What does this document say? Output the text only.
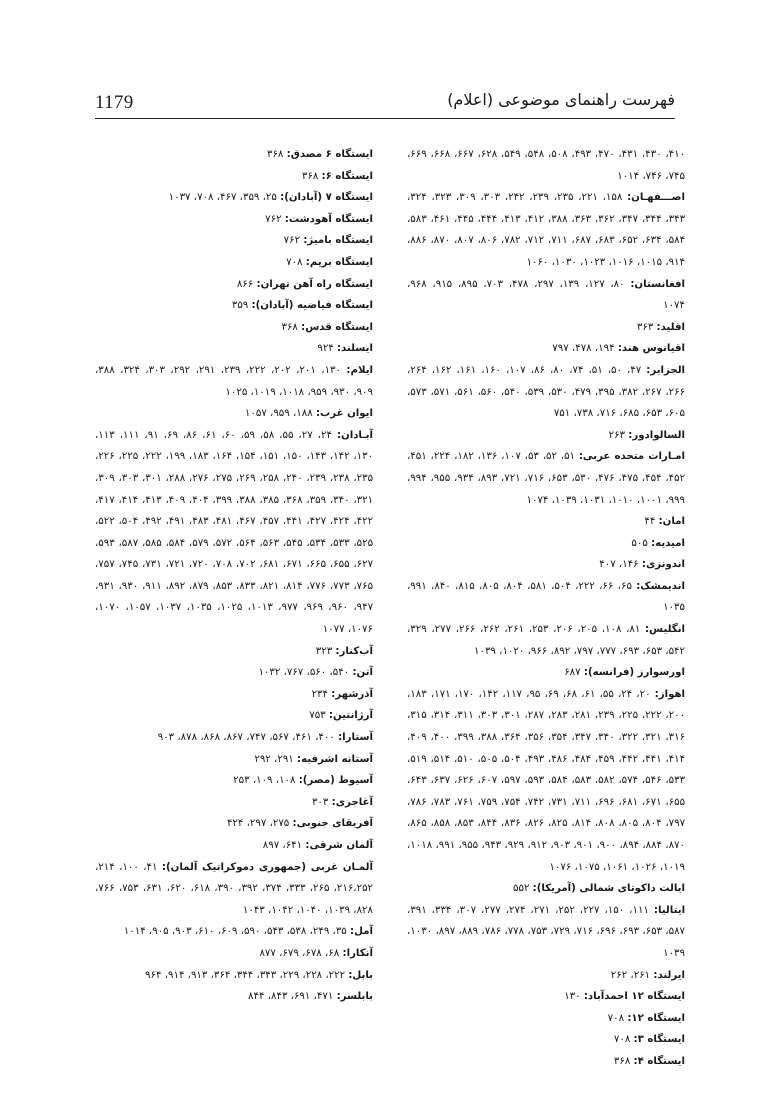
1179	فهرست راهنمای موضوعی (اعلام)
۴۱۰، ۴۳۰، ۴۳۱، ۴۷۰، ۴۹۳، ۵۰۸، ۵۴۸، ۵۴۹، ۶۲۸، ۶۶۷، ۶۶۸، ۶۶۹، ۷۴۵، ۷۴۶، ۱۰۱۴
اصـــفهـان:۱۵۸، ۲۲۱، ۲۳۵، ۲۳۹، ۲۴۲، ۳۰۳، ۳۰۹، ۳۲۳، ۳۲۴، ۳۴۳، ۳۴۴، ۳۴۷، ۳۶۲، ۳۶۳، ۳۸۸، ۴۱۲، ۴۱۳، ۴۴۴، ۴۴۵، ۴۶۱، ۵۸۳، ۵۸۴، ۶۳۴، ۶۵۲، ۶۸۳، ۶۸۷، ۷۱۱، ۷۱۲، ۷۸۲، ۸۰۶، ۸۰۷، ۸۷۰، ۸۸۶، ۹۱۴، ۱۰۱۵، ۱۰۱۶، ۱۰۲۳، ۱۰۳۰، ۱۰۶۰
افغانستان:۸۰، ۱۲۷، ۱۳۹، ۲۹۷، ۴۷۸، ۷۰۳، ۸۹۵، ۹۱۵، ۹۶۸، ۱۰۷۴
اقلید:۳۶۳
اقیانوس هند:۱۹۴، ۴۷۸، ۷۹۷
الجزایر:۴۷، ۵۰، ۵۱، ۷۴، ۸۰، ۸۶، ۱۰۷، ۱۶۰، ۱۶۱، ۱۶۲، ۲۶۴، ۲۶۶، ۲۶۷، ۳۸۲، ۳۹۵، ۴۷۹، ۵۳۰، ۵۳۹، ۵۴۰، ۵۶۰، ۵۶۱، ۵۷۱، ۵۷۳، ۶۰۵، ۶۵۳، ۶۸۵، ۷۱۶، ۷۳۸، ۷۵۱
السالوادور:۲۶۳
امـارات متحده عربی:۵۱، ۵۲، ۵۳، ۱۰۷، ۱۳۶، ۱۸۲، ۲۲۴، ۴۵۱، ۴۵۲، ۴۵۴، ۴۷۵، ۴۷۶، ۵۳۰، ۶۵۳، ۷۱۶، ۷۲۱، ۸۹۳، ۹۳۴، ۹۵۵، ۹۹۴، ۹۹۹، ۱۰۰۱، ۱۰۱۰، ۱۰۳۱، ۱۰۳۹، ۱۰۷۴
امان:۴۴
امیدیه:۵۰۵
اندونزی:۱۴۶، ۴۰۷
اندیمشک:۶۵، ۶۶، ۲۲۲، ۵۰۴، ۵۸۱، ۸۰۴، ۸۰۵، ۸۱۵، ۸۴۰، ۹۹۱، ۱۰۳۵
انگلیس:۸۱، ۱۰۸، ۲۰۵، ۲۰۶، ۲۵۳، ۲۶۱، ۲۶۲، ۲۶۶، ۲۷۷، ۳۲۹، ۵۴۲، ۶۵۳، ۶۹۳، ۷۷۷، ۷۹۷، ۸۹۲، ۹۶۶، ۱۰۲۰، ۱۰۳۹
اورسوارز (فرانسه):۶۸۷
اهواز:۲۰، ۲۴، ۵۵، ۶۱، ۶۸، ۶۹، ۹۵، ۱۱۷، ۱۴۲، ۱۷۰، ۱۷۱، ۱۸۳، ۲۰۰، ۲۲۲، ۲۲۵، ۲۳۹، ۲۸۱، ۲۸۳، ۲۸۷، ۳۰۱، ۳۰۳، ۳۱۱، ۳۱۴، ۳۱۵، ۳۱۶، ۳۲۱، ۳۲۲، ۳۴۰، ۳۴۷، ۳۵۴، ۳۵۶، ۳۶۴، ۳۸۸، ۳۹۹، ۴۰۰، ۴۰۹، ۴۱۴، ۴۴۱، ۴۴۲، ۴۵۹، ۴۸۴، ۴۸۶، ۴۹۳، ۵۰۴، ۵۰۵، ۵۱۰، ۵۱۴، ۵۱۹، ۵۳۳، ۵۴۶، ۵۷۴، ۵۸۲، ۵۸۳، ۵۸۴، ۵۹۳، ۵۹۷، ۶۰۷، ۶۲۶، ۶۳۷، ۶۴۳، ۶۵۵، ۶۷۱، ۶۸۱، ۶۹۶، ۷۱۱، ۷۳۱، ۷۴۲، ۷۵۴، ۷۵۹، ۷۶۱، ۷۸۳، ۷۸۶، ۷۹۷، ۸۰۴، ۸۰۵، ۸۰۸، ۸۱۴، ۸۲۵، ۸۲۶، ۸۳۶، ۸۴۴، ۸۵۳، ۸۵۸، ۸۶۵، ۸۷۰، ۸۸۴، ۸۹۴، ۹۰۰، ۹۰۱، ۹۰۳، ۹۱۲، ۹۲۹، ۹۴۳، ۹۵۵، ۹۹۱، ۱۰۱۸، ۱۰۱۹، ۱۰۲۶، ۱۰۶۱، ۱۰۷۵، ۱۰۷۶
ایالت داکوتای شمالی (آمریکا):۵۵۲
ایتالیا:۱۱۱، ۱۵۰، ۲۲۷، ۲۵۲، ۲۷۱، ۲۷۴، ۲۷۷، ۳۰۷، ۳۳۴، ۳۹۱، ۵۸۷، ۶۵۳، ۶۹۳، ۶۹۶، ۷۱۶، ۷۲۹، ۷۵۳، ۷۷۸، ۷۸۶، ۸۸۹، ۸۹۷، ۱۰۳۰، ۱۰۳۹
ایرلند:۲۶۱، ۲۶۲
ایستگاه ۱۲ احمدآباد:۱۳۰
ایستگاه ۱۲:۷۰۸
ایستگاه ۳:۷۰۸
ایستگاه ۴:۳۶۸
ایستگاه ۶ مصدق:۳۶۸
ایستگاه ۶:۳۶۸
ایستگاه ۷ (آبادان):۲۵، ۳۵۹، ۴۶۷، ۷۰۸، ۱۰۳۷
ایستگاه آهودشت:۷۶۲
ایستگاه بامیژ:۷۶۲
ایستگاه بریم:۷۰۸
ایستگاه راه آهن تهران:۸۶۶
ایستگاه فیاضیه (آبادان):۳۵۹
ایستگاه قدس:۳۶۸
ایسلند:۹۲۴
ایلام:۱۳۰، ۲۰۱، ۲۰۲، ۲۲۲، ۲۳۹، ۲۹۱، ۲۹۲، ۳۰۳، ۳۲۴، ۳۸۸، ۹۰۹، ۹۳۰، ۹۵۹، ۱۰۱۸، ۱۰۱۹، ۱۰۲۵
ایوان غرب:۱۸۸، ۹۵۹، ۱۰۵۷
آبـادان:۲۴، ۲۷، ۵۵، ۵۸، ۵۹، ۶۰، ۶۱، ۸۶، ۶۹، ۹۱، ۱۱۱، ۱۱۳، ۱۳۰، ۱۴۲، ۱۴۳، ۱۵۰، ۱۵۱، ۱۵۴، ۱۶۴، ۱۸۳، ۱۹۹، ۲۲۲، ۲۲۵، ۲۲۶، ۲۳۵، ۲۳۸، ۲۳۹، ۲۴۰، ۲۵۸، ۲۶۹، ۲۷۵، ۲۷۶، ۲۸۸، ۳۰۱، ۳۰۳، ۳۰۹، ۳۲۱، ۳۴۰، ۳۵۹، ۳۶۸، ۳۸۵، ۳۸۸، ۳۹۹، ۴۰۴، ۴۰۹، ۴۱۳، ۴۱۴، ۴۱۷، ۴۲۲، ۴۲۴، ۴۲۷، ۴۴۱، ۴۵۷، ۴۶۷، ۴۸۱، ۴۸۳، ۴۹۱، ۴۹۲، ۵۰۴، ۵۲۲، ۵۲۵، ۵۳۳، ۵۳۴، ۵۴۵، ۵۶۳، ۵۶۴، ۵۷۲، ۵۷۹، ۵۸۴، ۵۸۵، ۵۸۷، ۵۹۳، ۶۲۷، ۶۵۵، ۶۶۵، ۶۷۱، ۶۸۱، ۷۰۲، ۷۰۸، ۷۲۰، ۷۲۱، ۷۳۱، ۷۴۵، ۷۵۷، ۷۶۵، ۷۷۳، ۷۷۶، ۸۱۴، ۸۲۱، ۸۳۳، ۸۵۳، ۸۷۹، ۸۹۲، ۹۱۱، ۹۳۰، ۹۳۱، ۹۴۷، ۹۶۰، ۹۶۹، ۹۷۷، ۱۰۱۳، ۱۰۲۵، ۱۰۳۵، ۱۰۳۷، ۱۰۵۷، ۱۰۷۰، ۱۰۷۶، ۱۰۷۷
آب‌کنار:۳۲۳
آتن:۵۴۰، ۵۶۰، ۷۶۷، ۱۰۳۲
آذرشهر:۲۳۴
آرژانتین:۷۵۳
آستارا:۴۰۰، ۴۶۱، ۵۶۷، ۷۴۷، ۸۶۷، ۸۶۸، ۸۷۸، ۹۰۳
آستانه اشرفیه:۲۹۱، ۲۹۲
آسیوط (مصر):۱۰۸، ۱۰۹، ۲۵۳
آغاجری:۳۰۳
آفریقای جنوبی:۲۷۵، ۲۹۷، ۴۲۴
آلمان شرقی:۶۴۱، ۸۹۷
آلمـان غربی (جمهوری دموکراتیک آلمان):۴۱، ۱۰۰، ۲۱۴، ۲۱۶،۲۵۲، ۲۶۵، ۳۳۳، ۳۷۴، ۳۹۲، ۳۹۰، ۶۱۸، ۶۲۰، ۶۳۱، ۷۵۳، ۷۶۶، ۸۲۸، ۱۰۳۹، ۱۰۴۰، ۱۰۴۲، ۱۰۴۳
آمل:۳۵، ۲۴۹، ۵۳۸، ۵۴۳، ۵۹۰، ۶۰۹، ۶۱۰، ۹۰۳، ۹۰۵، ۱۰۱۴
آنکارا:۶۸، ۶۷۸، ۶۷۹، ۸۷۷
بابل:۲۲۲، ۲۲۸، ۲۲۹، ۳۴۳، ۳۴۴، ۳۶۴، ۹۱۳، ۹۱۴، ۹۶۴
بابلسر:۴۷۱، ۶۹۱، ۸۴۳، ۸۴۴
